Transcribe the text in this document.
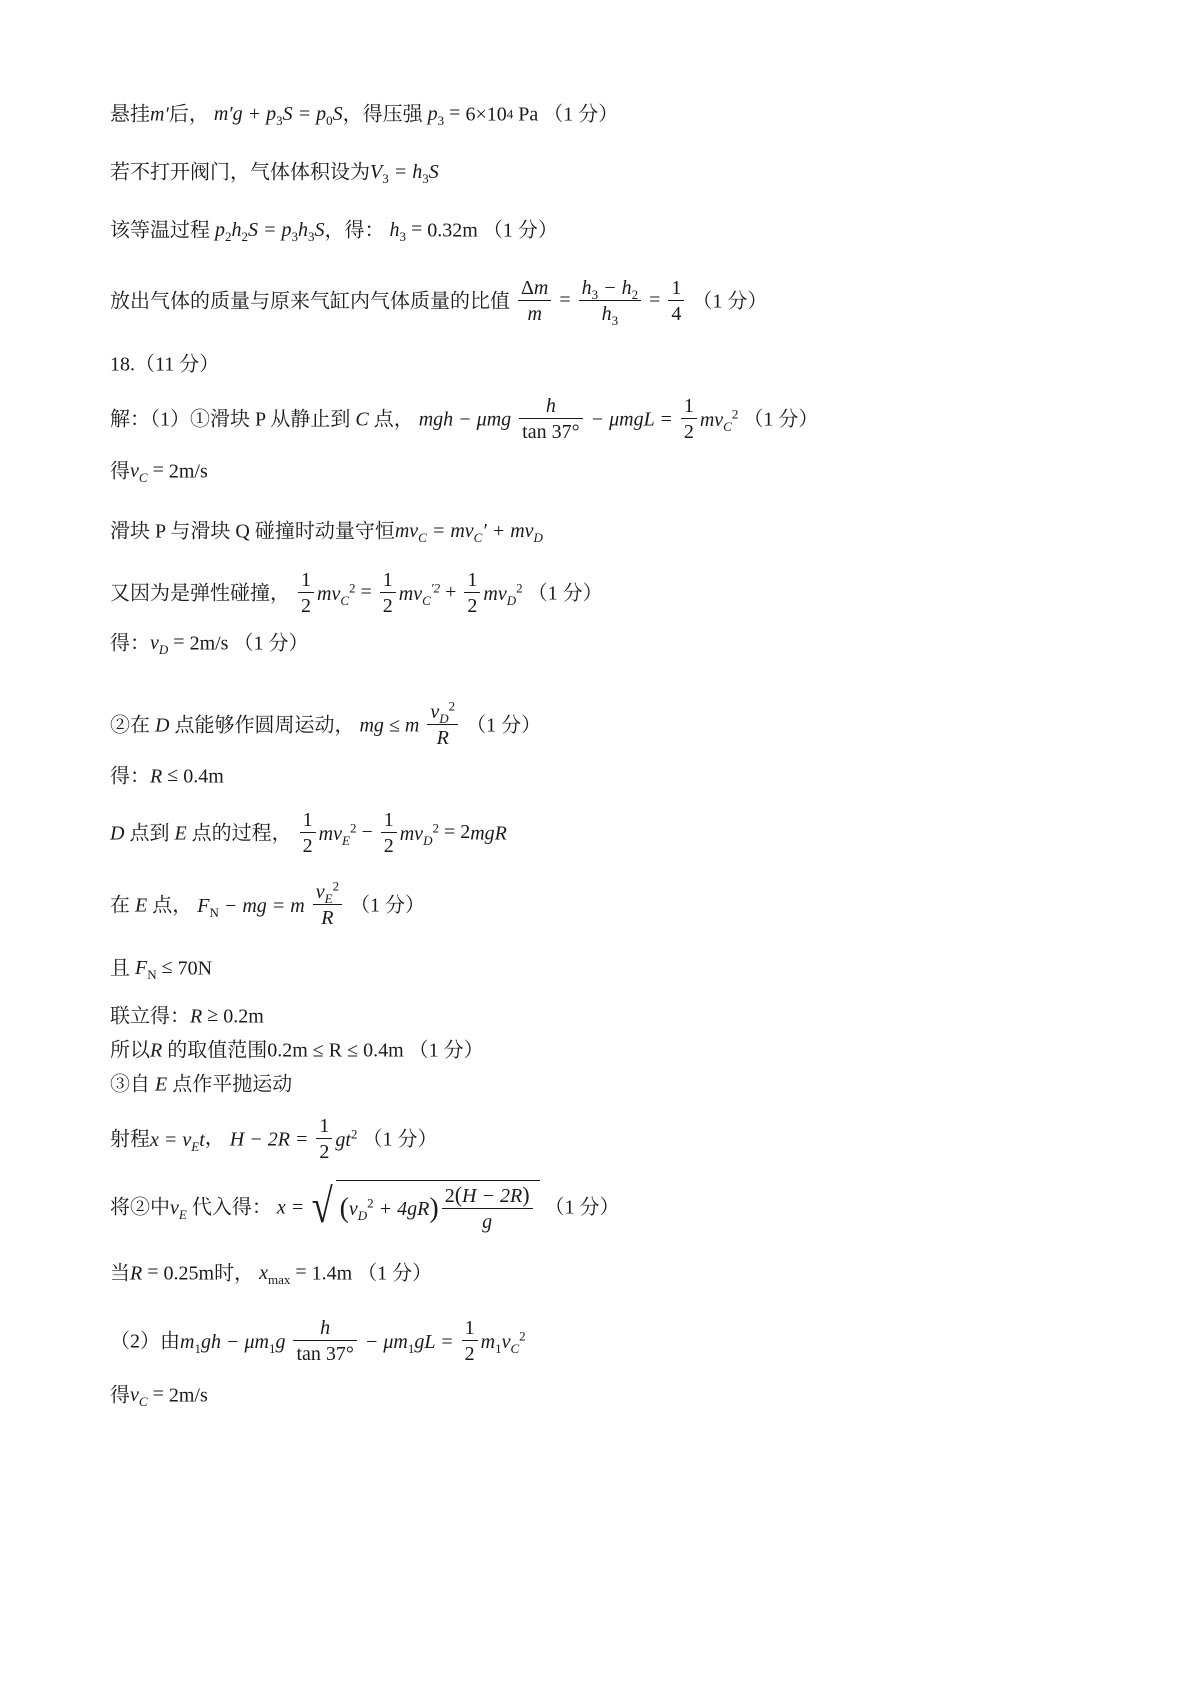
悬挂m′后， $m'g + p_3S = p_0S$，得压强 $p_3 = 6\times 104$ Pa （1 分）
若不打开阀门，气体体积设为$V_3 = h_3S$
该等温过程 $p_2h_2S = p_3h_3S$，得： $h_3 = 0.32m$ （1 分）
放出气体的质量与原来气缸内气体质量的比值 $\frac{\Delta m}{m} = \frac{h_3 - h_2}{h_3} = \frac{1}{4} (1$ 分）
18.（11 分）
解：（1）①滑块 P 从静止到 C 点， mgh − μmg $\frac{h}{\tan 37^\circ} - \mu mgL = \frac{1}{2} mv_C^2$ （1 分）
得$v_C = 2m/s$
滑块 P 与滑块 Q 碰撞时动量守恒$mv_C = mv_C' + mv_D$
又因为是弹性碰撞， $\frac{1}{2} mv_C^2 = \frac{1}{2} mv_C^{'2} + \frac{1}{2} mv_D^2$ （1 分）
得：$v_D = 2m/s$ （1 分）
②在 D 点能够作圆周运动， mg ≤ m $\frac{v_D^2}{R} (1$ 分）
得：R ≤ 0.4m
D 点到 E 点的过程， $\frac{1}{2} mv_E^2 - \frac{1}{2} mv_D^2 = 2mgR$
在 E 点， $F_N$ − mg = m $\frac{v_E^2}{R} (1$ 分）
且 $F_N \le 70N$
联立得：R ≥ 0.2m
所以R 的取值范围0.2m ≤ R ≤ 0.4m （1 分）
③自 E 点作平抛运动
射程$x = v_Et$， $H - 2R = \frac{1}{2} gt^2$ （1 分）
将②中$v_E$ 代入得： x = √ ( $v_D^2 + 4gR$ ) $\frac{2(H - 2R)}{g} (1$ 分）
当R = 0.25m时， $x_{max} = 1.4m$ （1 分）
（2）由$m_1gh - \mu m_1g \frac{h}{\tan 37^\circ} - \mu m_1gL = \frac{1}{2} m_1v_C^2$
得$v_C = 2m/s$
